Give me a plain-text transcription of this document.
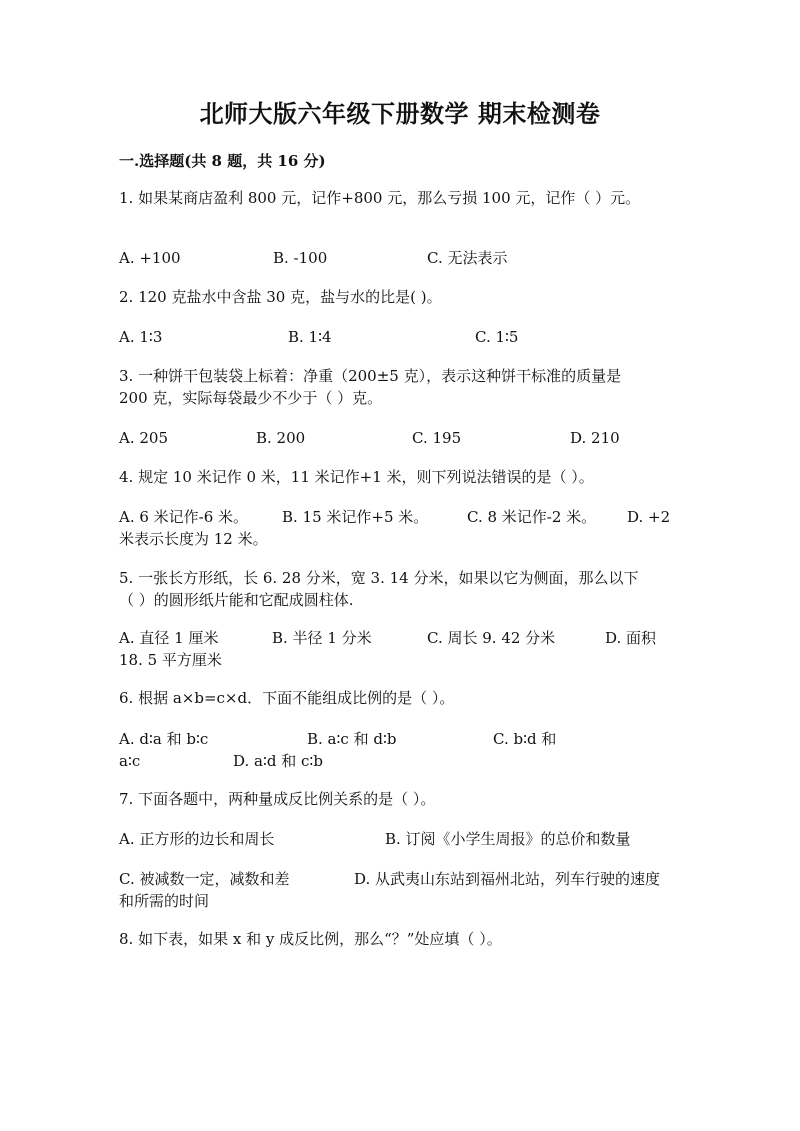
北师大版六年级下册数学 期末检测卷
一.选择题(共 8 题，共 16 分)
1. 如果某商店盈利 800 元，记作+800 元，那么亏损 100 元，记作（ ）元。
A. +100	B. -100	C. 无法表示
2. 120 克盐水中含盐 30 克，盐与水的比是( )。
A. 1∶3	B. 1∶4	C. 1∶5
3. 一种饼干包装袋上标着：净重（200±5 克），表示这种饼干标准的质量是
200 克，实际每袋最少不少于（ ）克。
A. 205	B. 200	C. 195	D. 210
4. 规定 10 米记作 0 米，11 米记作+1 米，则下列说法错误的是（ ）。
A. 6 米记作-6 米。 B. 15 米记作+5 米。	C. 8 米记作-2 米。 D. +2
米表示长度为 12 米。
5. 一张长方形纸，长 6. 28 分米，宽 3. 14 分米，如果以它为侧面，那么以下
（ ）的圆形纸片能和它配成圆柱体.
A. 直径 1 厘米	B. 半径 1 分米	C. 周长 9. 42 分米	D. 面积
18. 5 平方厘米
6. 根据 a×b=c×d．下面不能组成比例的是（ ）。
A. d∶a 和 b∶c	B. a∶c 和 d∶b	C. b∶d 和
a∶c	D. a∶d 和 c∶b
7. 下面各题中，两种量成反比例关系的是（ ）。
A. 正方形的边长和周长	B. 订阅《小学生周报》的总价和数量
C. 被减数一定，减数和差	D. 从武夷山东站到福州北站，列车行驶的速度
和所需的时间
8. 如下表，如果 x 和 y 成反比例，那么“？”处应填（ ）。
